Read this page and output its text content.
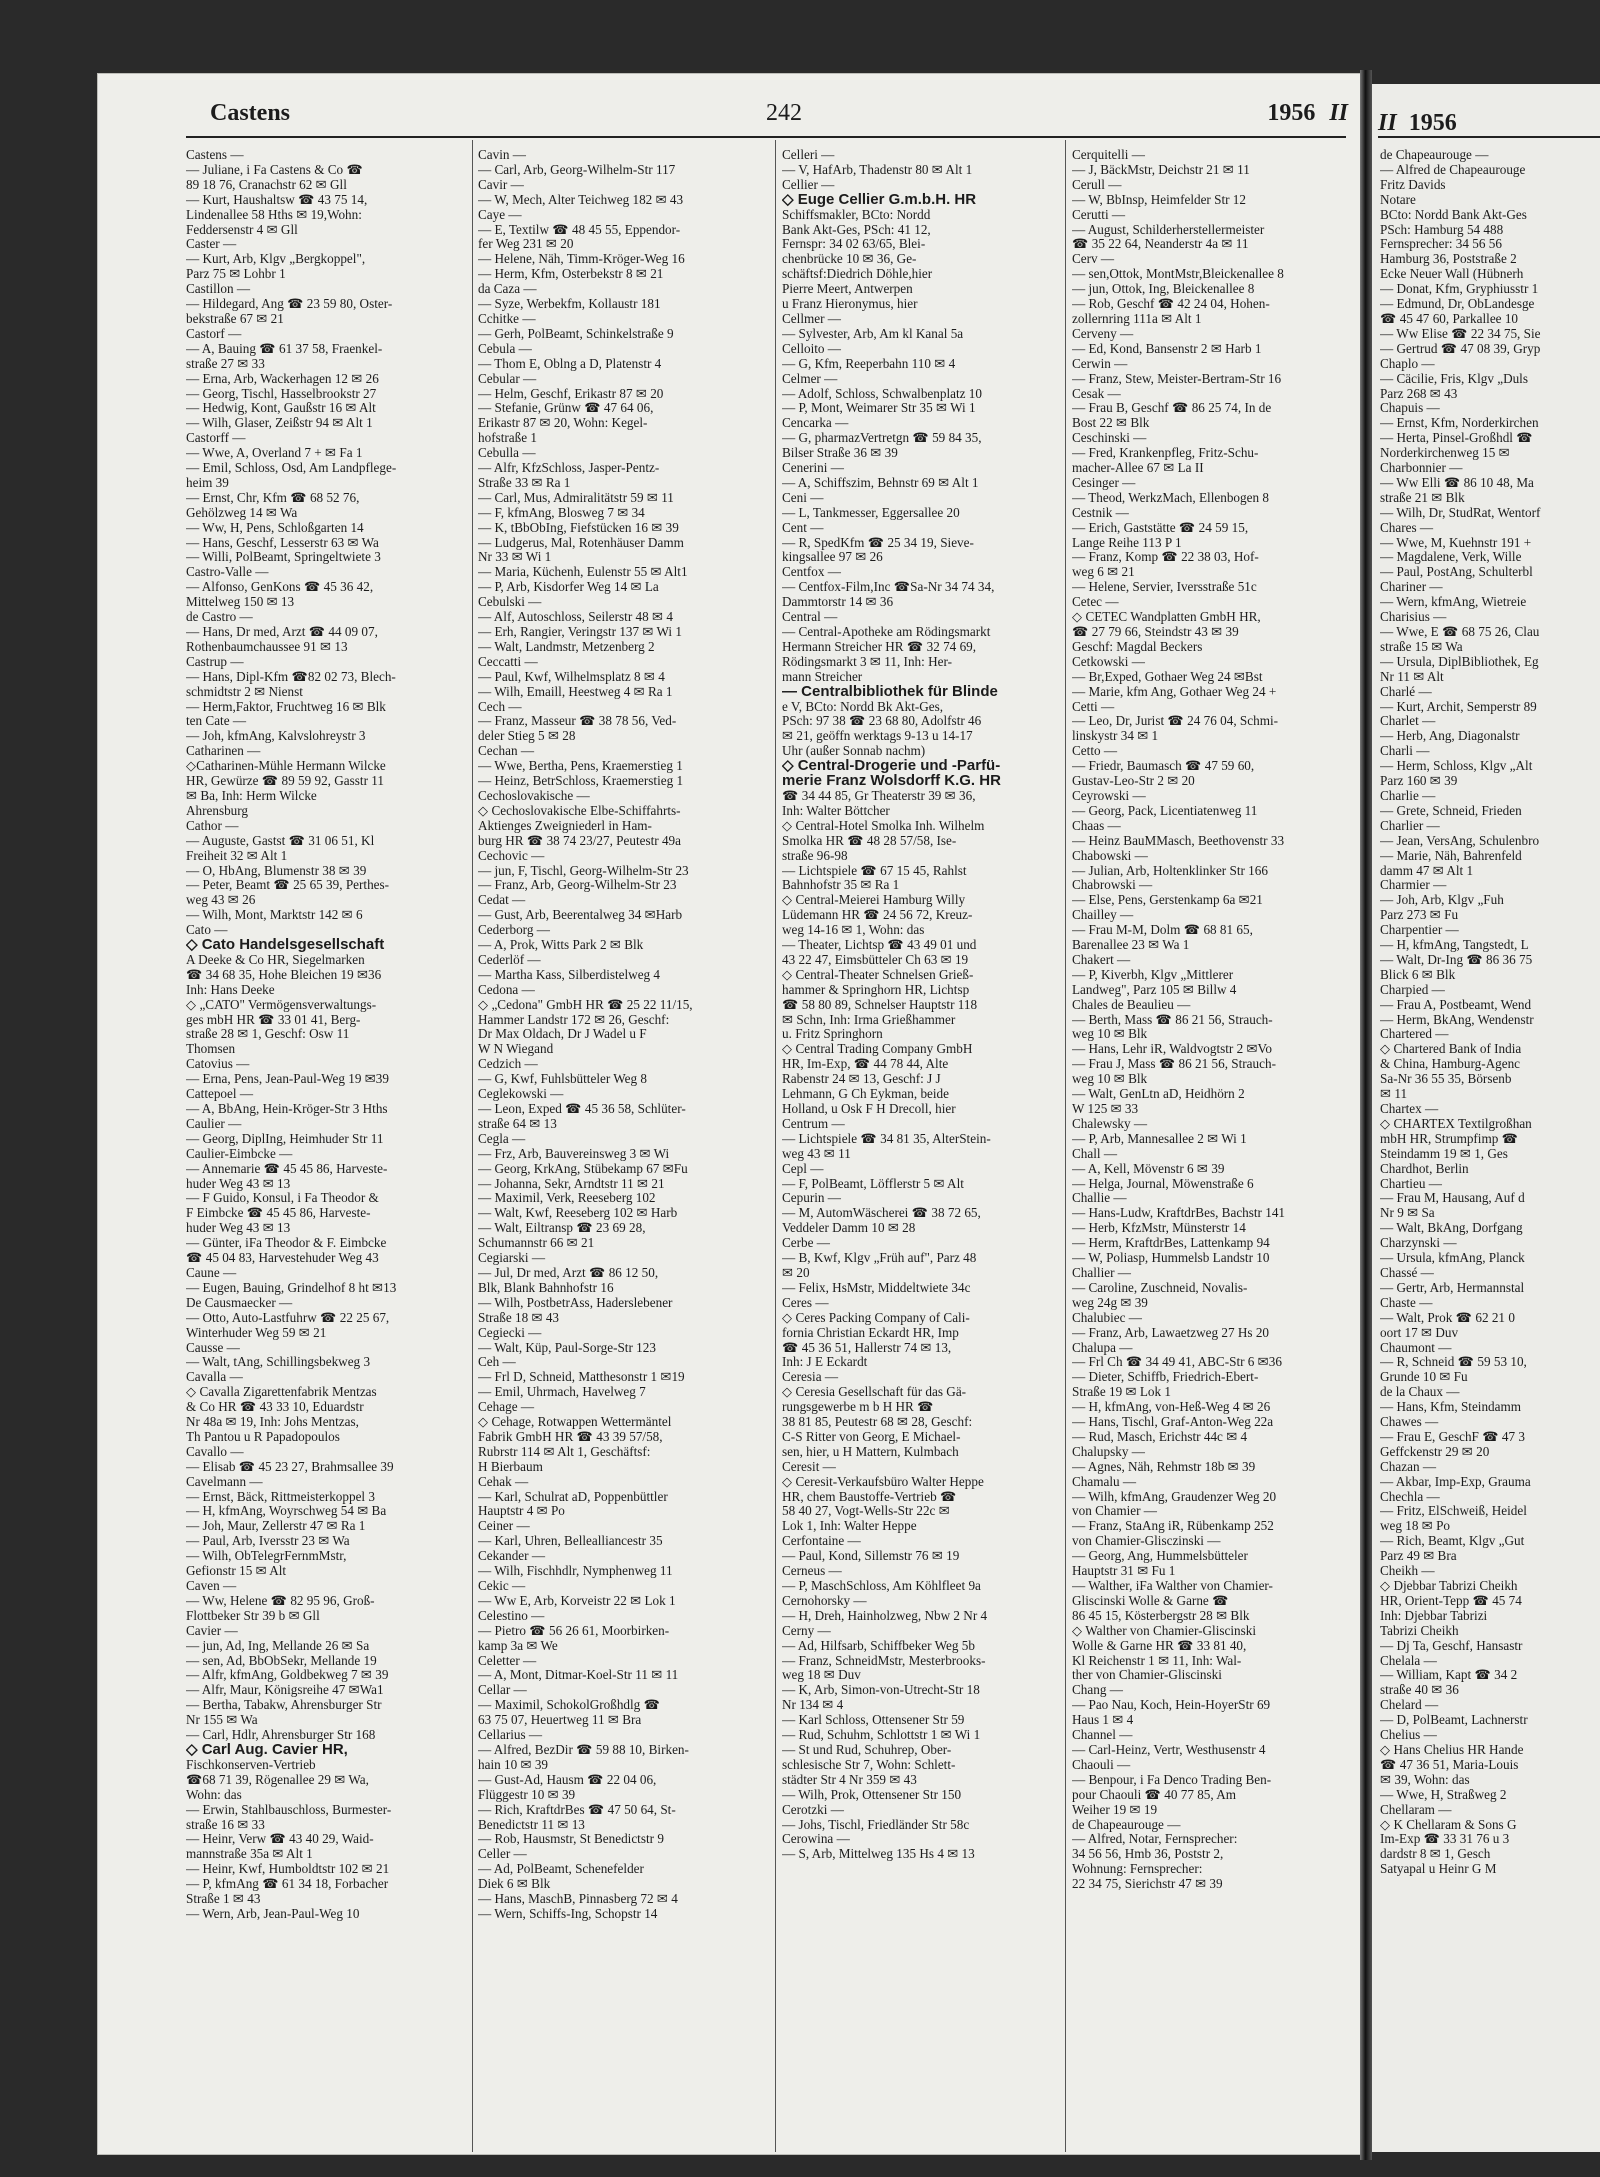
Castens	242	1956 II II 1956
Castens —
— Juliane, i Fa Castens & Co ☎
89 18 76, Cranachstr 62 ✉ Gll
— Kurt, Haushaltsw ☎ 43 75 14,
Lindenallee 58 Hths ✉ 19,Wohn:
Feddersenstr 4 ✉ Gll
Caster —
— Kurt, Arb, Klgv „Bergkoppel",
Parz 75 ✉ Lohbr 1
Castillon —
— Hildegard, Ang ☎ 23 59 80, Oster-
bekstraße 67 ✉ 21
Castorf —
— A, Bauing ☎ 61 37 58, Fraenkel-
straße 27 ✉ 33
— Erna, Arb, Wackerhagen 12 ✉ 26
— Georg, Tischl, Hasselbrookstr 27
— Hedwig, Kont, Gaußstr 16 ✉ Alt
— Wilh, Glaser, Zeißstr 94 ✉ Alt 1
Castorff —
— Wwe, A, Overland 7 + ✉ Fa 1
— Emil, Schloss, Osd, Am Landpflege-
heim 39
— Ernst, Chr, Kfm ☎ 68 52 76,
Gehölzweg 14 ✉ Wa
— Ww, H, Pens, Schloßgarten 14
— Hans, Geschf, Lesserstr 63 ✉ Wa
— Willi, PolBeamt, Springeltwiete 3
Castro-Valle —
— Alfonso, GenKons ☎ 45 36 42,
Mittelweg 150 ✉ 13
de Castro —
— Hans, Dr med, Arzt ☎ 44 09 07,
Rothenbaumchaussee 91 ✉ 13
Castrup —
— Hans, Dipl-Kfm ☎82 02 73, Blech-
schmidtstr 2 ✉ Nienst
— Herm,Faktor, Fruchtweg 16 ✉ Blk
ten Cate —
— Joh, kfmAng, Kalvslohreystr 3
Catharinen —
◇Catharinen-Mühle Hermann Wilcke
HR, Gewürze ☎ 89 59 92, Gasstr 11
✉ Ba, Inh: Herm Wilcke
Ahrensburg
Cathor —
— Auguste, Gastst ☎ 31 06 51, Kl
Freiheit 32 ✉ Alt 1
— O, HbAng, Blumenstr 38 ✉ 39
— Peter, Beamt ☎ 25 65 39, Perthes-
weg 43 ✉ 26
— Wilh, Mont, Marktstr 142 ✉ 6
Cato —
◇ Cato Handelsgesellschaft
A Deeke & Co HR, Siegelmarken
☎ 34 68 35, Hohe Bleichen 19 ✉36
Inh: Hans Deeke
◇ „CATO" Vermögensverwaltungs-
ges mbH HR ☎ 33 01 41, Berg-
straße 28 ✉ 1, Geschf: Osw 11
Thomsen
Catovius —
— Erna, Pens, Jean-Paul-Weg 19 ✉39
Cattepoel —
— A, BbAng, Hein-Kröger-Str 3 Hths
Caulier —
— Georg, DiplIng, Heimhuder Str 11
Caulier-Eimbcke —
— Annemarie ☎ 45 45 86, Harveste-
huder Weg 43 ✉ 13
— F Guido, Konsul, i Fa Theodor &
F Eimbcke ☎ 45 45 86, Harveste-
huder Weg 43 ✉ 13
— Günter, iFa Theodor & F. Eimbcke
☎ 45 04 83, Harvestehuder Weg 43
Caune —
— Eugen, Bauing, Grindelhof 8 ht ✉13
De Causmaecker —
— Otto, Auto-Lastfuhrw ☎ 22 25 67,
Winterhuder Weg 59 ✉ 21
Causse —
— Walt, tAng, Schillingsbekweg 3
Cavalla —
◇ Cavalla Zigarettenfabrik Mentzas
& Co HR ☎ 43 33 10, Eduardstr
Nr 48a ✉ 19, Inh: Johs Mentzas,
Th Pantou u R Papadopoulos
Cavallo —
— Elisab ☎ 45 23 27, Brahmsallee 39
Cavelmann —
— Ernst, Bäck, Rittmeisterkoppel 3
— H, kfmAng, Woyrschweg 54 ✉ Ba
— Joh, Maur, Zellerstr 47 ✉ Ra 1
— Paul, Arb, Iversstr 23 ✉ Wa
— Wilh, ObTelegrFernmMstr,
Gefionstr 15 ✉ Alt
Caven —
— Ww, Helene ☎ 82 95 96, Groß-
Flottbeker Str 39 b ✉ Gll
Cavier —
— jun, Ad, Ing, Mellande 26 ✉ Sa
— sen, Ad, BbObSekr, Mellande 19
— Alfr, kfmAng, Goldbekweg 7 ✉ 39
— Alfr, Maur, Königsreihe 47 ✉Wa1
— Bertha, Tabakw, Ahrensburger Str
Nr 155 ✉ Wa
— Carl, Hdlr, Ahrensburger Str 168
◇ Carl Aug. Cavier HR,
Fischkonserven-Vertrieb
☎68 71 39, Rögenallee 29 ✉ Wa,
Wohn: das
— Erwin, Stahlbauschloss, Burmester-
straße 16 ✉ 33
— Heinr, Verw ☎ 43 40 29, Waid-
mannstraße 35a ✉ Alt 1
— Heinr, Kwf, Humboldtstr 102 ✉ 21
— P, kfmAng ☎ 61 34 18, Forbacher
Straße 1 ✉ 43
— Wern, Arb, Jean-Paul-Weg 10
Cavin —
— Carl, Arb, Georg-Wilhelm-Str 117
Cavir —
— W, Mech, Alter Teichweg 182 ✉ 43
Caye —
— E, Textilw ☎ 48 45 55, Eppendor-
fer Weg 231 ✉ 20
— Helene, Näh, Timm-Kröger-Weg 16
— Herm, Kfm, Osterbekstr 8 ✉ 21
da Caza —
— Syze, Werbekfm, Kollaustr 181
Cchitke —
— Gerh, PolBeamt, Schinkelstraße 9
Cebula —
— Thom E, Oblng a D, Platenstr 4
Cebular —
— Helm, Geschf, Erikastr 87 ✉ 20
— Stefanie, Grünw ☎ 47 64 06,
Erikastr 87 ✉ 20, Wohn: Kegel-
hofstraße 1
Cebulla —
— Alfr, KfzSchloss, Jasper-Pentz-
Straße 33 ✉ Ra 1
— Carl, Mus, Admiralitätstr 59 ✉ 11
— F, kfmAng, Blosweg 7 ✉ 34
— K, tBbObIng, Fiefstücken 16 ✉ 39
— Ludgerus, Mal, Rotenhäuser Damm
Nr 33 ✉ Wi 1
— Maria, Küchenh, Eulenstr 55 ✉ Alt1
— P, Arb, Kisdorfer Weg 14 ✉ La
Cebulski —
— Alf, Autoschloss, Seilerstr 48 ✉ 4
— Erh, Rangier, Veringstr 137 ✉ Wi 1
— Walt, Landmstr, Metzenberg 2
Ceccatti —
— Paul, Kwf, Wilhelmsplatz 8 ✉ 4
— Wilh, Emaill, Heestweg 4 ✉ Ra 1
Cech —
— Franz, Masseur ☎ 38 78 56, Ved-
deler Stieg 5 ✉ 28
Cechan —
— Wwe, Bertha, Pens, Kraemerstieg 1
— Heinz, BetrSchloss, Kraemerstieg 1
Cechoslovakische —
◇ Cechoslovakische Elbe-Schiffahrts-
Aktienges Zweigniederl in Ham-
burg HR ☎ 38 74 23/27, Peutestr 49a
Cechovic —
— jun, F, Tischl, Georg-Wilhelm-Str 23
— Franz, Arb, Georg-Wilhelm-Str 23
Cedat —
— Gust, Arb, Beerentalweg 34 ✉Harb
Cederborg —
— A, Prok, Witts Park 2 ✉ Blk
Cederlöf —
— Martha Kass, Silberdistelweg 4
Cedona —
◇ „Cedona" GmbH HR ☎ 25 22 11/15,
Hammer Landstr 172 ✉ 26, Geschf:
Dr Max Oldach, Dr J Wadel u F
W N Wiegand
Cedzich —
— G, Kwf, Fuhlsbütteler Weg 8
Ceglekowski —
— Leon, Exped ☎ 45 36 58, Schlüter-
straße 64 ✉ 13
Cegla —
— Frz, Arb, Bauvereinsweg 3 ✉ Wi
— Georg, KrkAng, Stübekamp 67 ✉Fu
— Johanna, Sekr, Arndtstr 11 ✉ 21
— Maximil, Verk, Reeseberg 102
— Walt, Kwf, Reeseberg 102 ✉ Harb
— Walt, Eiltransp ☎ 23 69 28,
Schumannstr 66 ✉ 21
Cegiarski —
— Jul, Dr med, Arzt ☎ 86 12 50,
Blk, Blank Bahnhofstr 16
— Wilh, PostbetrAss, Haderslebener
Straße 18 ✉ 43
Cegiecki —
— Walt, Küp, Paul-Sorge-Str 123
Ceh —
— Frl D, Schneid, Matthesonstr 1 ✉19
— Emil, Uhrmach, Havelweg 7
Cehage —
◇ Cehage, Rotwappen Wettermäntel
Fabrik GmbH HR ☎ 43 39 57/58,
Rubrstr 114 ✉ Alt 1, Geschäftsf:
H Bierbaum
Cehak —
— Karl, Schulrat aD, Poppenbüttler
Hauptstr 4 ✉ Po
Ceiner —
— Karl, Uhren, Bellealliancestr 35
Cekander —
— Wilh, Fischhdlr, Nymphenweg 11
Cekic —
— Ww E, Arb, Korveistr 22 ✉ Lok 1
Celestino —
— Pietro ☎ 56 26 61, Moorbirken-
kamp 3a ✉ We
Celetter —
— A, Mont, Ditmar-Koel-Str 11 ✉ 11
Cellar —
— Maximil, SchokolGroßhdlg ☎
63 75 07, Heuertweg 11 ✉ Bra
Cellarius —
— Alfred, BezDir ☎ 59 88 10, Birken-
hain 10 ✉ 39
— Gust-Ad, Hausm ☎ 22 04 06,
Flüggestr 10 ✉ 39
— Rich, KraftdrBes ☎ 47 50 64, St-
Benedictstr 11 ✉ 13
— Rob, Hausmstr, St Benedictstr 9
Celler —
— Ad, PolBeamt, Schenefelder
Diek 6 ✉ Blk
— Hans, MaschB, Pinnasberg 72 ✉ 4
— Wern, Schiffs-Ing, Schopstr 14
Celleri —
— V, HafArb, Thadenstr 80 ✉ Alt 1
Cellier —
◇ Euge Cellier G.m.b.H. HR
Schiffsmakler, BCto: Nordd
Bank Akt-Ges, PSch: 41 12,
Fernspr: 34 02 63/65, Blei-
chenbrücke 10 ✉ 36, Ge-
schäftsf:Diedrich Döhle,hier
Pierre Meert, Antwerpen
u Franz Hieronymus, hier
Cellmer —
— Sylvester, Arb, Am kl Kanal 5a
Celloito —
— G, Kfm, Reeperbahn 110 ✉ 4
Celmer —
— Adolf, Schloss, Schwalbenplatz 10
— P, Mont, Weimarer Str 35 ✉ Wi 1
Cencarka —
— G, pharmazVertretgn ☎ 59 84 35,
Bilser Straße 36 ✉ 39
Cenerini —
— A, Schiffszim, Behnstr 69 ✉ Alt 1
Ceni —
— L, Tankmesser, Eggersallee 20
Cent —
— R, SpedKfm ☎ 25 34 19, Sieve-
kingsallee 97 ✉ 26
Centfox —
— Centfox-Film,Inc ☎Sa-Nr 34 74 34,
Dammtorstr 14 ✉ 36
Central —
— Central-Apotheke am Rödingsmarkt
Hermann Streicher HR ☎ 32 74 69,
Rödingsmarkt 3 ✉ 11, Inh: Her-
mann Streicher
— Centralbibliothek für Blinde
e V, BCto: Nordd Bk Akt-Ges,
PSch: 97 38 ☎ 23 68 80, Adolfstr 46
✉ 21, geöffn werktags 9-13 u 14-17
Uhr (außer Sonnab nachm)
◇ Central-Drogerie und -Parfü-
merie Franz Wolsdorff K.G. HR
☎ 34 44 85, Gr Theaterstr 39 ✉ 36,
Inh: Walter Böttcher
◇ Central-Hotel Smolka Inh. Wilhelm
Smolka HR ☎ 48 28 57/58, Ise-
straße 96-98
— Lichtspiele ☎ 67 15 45, Rahlst
Bahnhofstr 35 ✉ Ra 1
◇ Central-Meierei Hamburg Willy
Lüdemann HR ☎ 24 56 72, Kreuz-
weg 14-16 ✉ 1, Wohn: das
— Theater, Lichtsp ☎ 43 49 01 und
43 22 47, Eimsbütteler Ch 63 ✉ 19
◇ Central-Theater Schnelsen Grieß-
hammer & Springhorn HR, Lichtsp
☎ 58 80 89, Schnelser Hauptstr 118
✉ Schn, Inh: Irma Grießhammer
u. Fritz Springhorn
◇ Central Trading Company GmbH
HR, Im-Exp, ☎ 44 78 44, Alte
Rabenstr 24 ✉ 13, Geschf: J J
Lehmann, G Ch Eykman, beide
Holland, u Osk F H Drecoll, hier
Centrum —
— Lichtspiele ☎ 34 81 35, AlterStein-
weg 43 ✉ 11
Cepl —
— F, PolBeamt, Löfflerstr 5 ✉ Alt
Cepurin —
— M, AutomWäscherei ☎ 38 72 65,
Veddeler Damm 10 ✉ 28
Cerbe —
— B, Kwf, Klgv „Früh auf", Parz 48
✉ 20
— Felix, HsMstr, Middeltwiete 34c
Ceres —
◇ Ceres Packing Company of Cali-
fornia Christian Eckardt HR, Imp
☎ 45 36 51, Hallerstr 74 ✉ 13,
Inh: J E Eckardt
Ceresia —
◇ Ceresia Gesellschaft für das Gä-
rungsgewerbe m b H HR ☎
38 81 85, Peutestr 68 ✉ 28, Geschf:
C-S Ritter von Georg, E Michael-
sen, hier, u H Mattern, Kulmbach
Ceresit —
◇ Ceresit-Verkaufsbüro Walter Heppe
HR, chem Baustoffe-Vertrieb ☎
58 40 27, Vogt-Wells-Str 22c ✉
Lok 1, Inh: Walter Heppe
Cerfontaine —
— Paul, Kond, Sillemstr 76 ✉ 19
Cerneus —
— P, MaschSchloss, Am Köhlfleet 9a
Cernohorsky —
— H, Dreh, Hainholzweg, Nbw 2 Nr 4
Cerny —
— Ad, Hilfsarb, Schiffbeker Weg 5b
— Franz, SchneidMstr, Mesterbrooks-
weg 18 ✉ Duv
— K, Arb, Simon-von-Utrecht-Str 18
Nr 134 ✉ 4
— Karl Schloss, Ottensener Str 59
— Rud, Schuhm, Schlottstr 1 ✉ Wi 1
— St und Rud, Schuhrep, Ober-
schlesische Str 7, Wohn: Schlett-
städter Str 4 Nr 359 ✉ 43
— Wilh, Prok, Ottensener Str 150
Cerotzki —
— Johs, Tischl, Friedländer Str 58c
Cerowina —
— S, Arb, Mittelweg 135 Hs 4 ✉ 13
Cerquitelli —
— J, BäckMstr, Deichstr 21 ✉ 11
Cerull —
— W, BbInsp, Heimfelder Str 12
Cerutti —
— August, Schilderherstellermeister
☎ 35 22 64, Neanderstr 4a ✉ 11
Cerv —
— sen,Ottok, MontMstr,Bleickenallee 8
— jun, Ottok, Ing, Bleickenallee 8
— Rob, Geschf ☎ 42 24 04, Hohen-
zollernring 111a ✉ Alt 1
Cerveny —
— Ed, Kond, Bansenstr 2 ✉ Harb 1
Cerwin —
— Franz, Stew, Meister-Bertram-Str 16
Cesak —
— Frau B, Geschf ☎ 86 25 74, In de
Bost 22 ✉ Blk
Ceschinski —
— Fred, Krankenpfleg, Fritz-Schu-
macher-Allee 67 ✉ La II
Cesinger —
— Theod, WerkzMach, Ellenbogen 8
Cestnik —
— Erich, Gaststätte ☎ 24 59 15,
Lange Reihe 113 P 1
— Franz, Komp ☎ 22 38 03, Hof-
weg 6 ✉ 21
— Helene, Servier, Iversstraße 51c
Cetec —
◇ CETEC Wandplatten GmbH HR,
☎ 27 79 66, Steindstr 43 ✉ 39
Geschf: Magdal Beckers
Cetkowski —
— Br,Exped, Gothaer Weg 24 ✉Bst
— Marie, kfm Ang, Gothaer Weg 24 +
Cetti —
— Leo, Dr, Jurist ☎ 24 76 04, Schmi-
linskystr 34 ✉ 1
Cetto —
— Friedr, Baumasch ☎ 47 59 60,
Gustav-Leo-Str 2 ✉ 20
Ceyrowski —
— Georg, Pack, Licentiatenweg 11
Chaas —
— Heinz BauMMasch, Beethovenstr 33
Chabowski —
— Julian, Arb, Holtenklinker Str 166
Chabrowski —
— Else, Pens, Gerstenkamp 6a ✉21
Chailley —
— Frau M-M, Dolm ☎ 68 81 65,
Barenallee 23 ✉ Wa 1
Chakert —
— P, Kiverbh, Klgv „Mittlerer
Landweg", Parz 105 ✉ Billw 4
Chales de Beaulieu —
— Berth, Mass ☎ 86 21 56, Strauch-
weg 10 ✉ Blk
— Hans, Lehr iR, Waldvogtstr 2 ✉Vo
— Frau J, Mass ☎ 86 21 56, Strauch-
weg 10 ✉ Blk
— Walt, GenLtn aD, Heidhörn 2
W 125 ✉ 33
Chalewsky —
— P, Arb, Mannesallee 2 ✉ Wi 1
Chall —
— A, Kell, Mövenstr 6 ✉ 39
— Helga, Journal, Möwenstraße 6
Challie —
— Hans-Ludw, KraftdrBes, Bachstr 141
— Herb, KfzMstr, Münsterstr 14
— Herm, KraftdrBes, Lattenkamp 94
— W, Poliasp, Hummelsb Landstr 10
Challier —
— Caroline, Zuschneid, Novalis-
weg 24g ✉ 39
Chalubiec —
— Franz, Arb, Lawaetzweg 27 Hs 20
Chalupa —
— Frl Ch ☎ 34 49 41, ABC-Str 6 ✉36
— Dieter, Schiffb, Friedrich-Ebert-
Straße 19 ✉ Lok 1
— H, kfmAng, von-Heß-Weg 4 ✉ 26
— Hans, Tischl, Graf-Anton-Weg 22a
— Rud, Masch, Erichstr 44c ✉ 4
Chalupsky —
— Agnes, Näh, Rehmstr 18b ✉ 39
Chamalu —
— Wilh, kfmAng, Graudenzer Weg 20
von Chamier —
— Franz, StaAng iR, Rübenkamp 252
von Chamier-Glisczinski —
— Georg, Ang, Hummelsbütteler
Hauptstr 31 ✉ Fu 1
— Walther, iFa Walther von Chamier-
Gliscinski Wolle & Garne ☎
86 45 15, Kösterbergstr 28 ✉ Blk
◇ Walther von Chamier-Gliscinski
Wolle & Garne HR ☎ 33 81 40,
Kl Reichenstr 1 ✉ 11, Inh: Wal-
ther von Chamier-Gliscinski
Chang —
— Pao Nau, Koch, Hein-HoyerStr 69
Haus 1 ✉ 4
Channel —
— Carl-Heinz, Vertr, Westhusenstr 4
Chaouli —
— Benpour, i Fa Denco Trading Ben-
pour Chaouli ☎ 40 77 85, Am
Weiher 19 ✉ 19
de Chapeaurouge —
— Alfred, Notar, Fernsprecher:
34 56 56, Hmb 36, Poststr 2,
Wohnung: Fernsprecher:
22 34 75, Sierichstr 47 ✉ 39
de Chapeaurouge —
— Alfred de Chapeaurouge
Fritz Davids
Notare
BCto: Nordd Bank Akt-Ges
PSch: Hamburg 54 488
Fernsprecher: 34 56 56
Hamburg 36, Poststraße 2
Ecke Neuer Wall (Hübnerh
— Donat, Kfm, Gryphiusstr 1
— Edmund, Dr, ObLandesge
☎ 45 47 60, Parkallee 10
— Ww Elise ☎ 22 34 75, Sie
— Gertrud ☎ 47 08 39, Gryp
Chaplo —
— Cäcilie, Fris, Klgv „Duls
Parz 268 ✉ 43
Chapuis —
— Ernst, Kfm, Norderkirchen
— Herta, Pinsel-Großhdl ☎
Norderkirchenweg 15 ✉
Charbonnier —
— Ww Elli ☎ 86 10 48, Ma
straße 21 ✉ Blk
— Wilh, Dr, StudRat, Wentorf
Chares —
— Wwe, M, Kuehnstr 191 +
— Magdalene, Verk, Wille
— Paul, PostAng, Schulterbl
Chariner —
— Wern, kfmAng, Wietreie
Charisius —
— Wwe, E ☎ 68 75 26, Clau
straße 15 ✉ Wa
— Ursula, DiplBibliothek, Eg
Nr 11 ✉ Alt
Charlé —
— Kurt, Archit, Semperstr 89
Charlet —
— Herb, Ang, Diagonalstr
Charli —
— Herm, Schloss, Klgv „Alt
Parz 160 ✉ 39
Charlie —
— Grete, Schneid, Frieden
Charlier —
— Jean, VersAng, Schulenbro
— Marie, Näh, Bahrenfeld
damm 47 ✉ Alt 1
Charmier —
— Joh, Arb, Klgv „Fuh
Parz 273 ✉ Fu
Charpentier —
— H, kfmAng, Tangstedt, L
— Walt, Dr-Ing ☎ 86 36 75
Blick 6 ✉ Blk
Charpied —
— Frau A, Postbeamt, Wend
— Herm, BkAng, Wendenstr
Chartered —
◇ Chartered Bank of India
& China, Hamburg-Agenc
Sa-Nr 36 55 35, Börsenb
✉ 11
Chartex —
◇ CHARTEX Textilgroßhan
mbH HR, Strumpfimp ☎
Steindamm 19 ✉ 1, Ges
Chardhot, Berlin
Chartieu —
— Frau M, Hausang, Auf d
Nr 9 ✉ Sa
— Walt, BkAng, Dorfgang
Charzynski —
— Ursula, kfmAng, Planck
Chassé —
— Gertr, Arb, Hermannstal
Chaste —
— Walt, Prok ☎ 62 21 0
oort 17 ✉ Duv
Chaumont —
— R, Schneid ☎ 59 53 10,
Grunde 10 ✉ Fu
de la Chaux —
— Hans, Kfm, Steindamm
Chawes —
— Frau E, GeschF ☎ 47 3
Geffckenstr 29 ✉ 20
Chazan —
— Akbar, Imp-Exp, Grauma
Chechla —
— Fritz, ElSchweiß, Heidel
weg 18 ✉ Po
— Rich, Beamt, Klgv „Gut
Parz 49 ✉ Bra
Cheikh —
◇ Djebbar Tabrizi Cheikh
HR, Orient-Tepp ☎ 45 74
Inh: Djebbar Tabrizi
Tabrizi Cheikh
— Dj Ta, Geschf, Hansastr
Chelala —
— William, Kapt ☎ 34 2
straße 40 ✉ 36
Chelard —
— D, PolBeamt, Lachnerstr
Chelius —
◇ Hans Chelius HR Hande
☎ 47 36 51, Maria-Louis
✉ 39, Wohn: das
— Wwe, H, Straßweg 2
Chellaram —
◇ K Chellaram & Sons G
Im-Exp ☎ 33 31 76 u 3
dardstr 8 ✉ 1, Gesch
Satyapal u Heinr G M
